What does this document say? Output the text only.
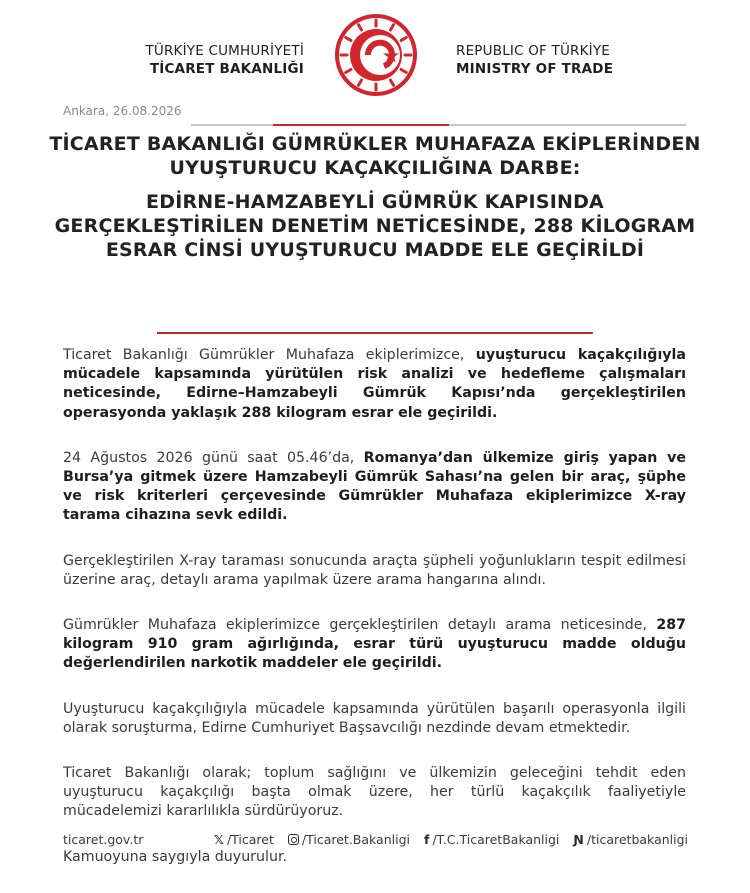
TÜRKİYE CUMHURİYETİ
TİCARET BAKANLIĞI
REPUBLIC OF TÜRKİYE
MINISTRY OF TRADE
Ankara, 26.08.2026
TİCARET BAKANLIĞI GÜMRÜKLER MUHAFAZA EKİPLERİNDEN UYUŞTURUCU KAÇAKÇILIĞINA DARBE:
EDİRNE-HAMZABEYLİ GÜMRÜK KAPISINDA GERÇEKLEŞTİRİLEN DENETİM NETİCESİNDE, 288 KİLOGRAM ESRAR CİNSİ UYUŞTURUCU MADDE ELE GEÇİRİLDİ

Ticaret Bakanlığı Gümrükler Muhafaza ekiplerimizce, uyuşturucu kaçakçılığıyla mücadele kapsamında yürütülen risk analizi ve hedefleme çalışmaları neticesinde, Edirne–Hamzabeyli Gümrük Kapısı’nda gerçekleştirilen operasyonda yaklaşık 288 kilogram esrar ele geçirildi.

24 Ağustos 2026 günü saat 05.46’da, Romanya’dan ülkemize giriş yapan ve Bursa’ya gitmek üzere Hamzabeyli Gümrük Sahası’na gelen bir araç, şüphe ve risk kriterleri çerçevesinde Gümrükler Muhafaza ekiplerimizce X-ray tarama cihazına sevk edildi.

Gerçekleştirilen X-ray taraması sonucunda araçta şüpheli yoğunlukların tespit edilmesi üzerine araç, detaylı arama yapılmak üzere arama hangarına alındı.

Gümrükler Muhafaza ekiplerimizce gerçekleştirilen detaylı arama neticesinde, 287 kilogram 910 gram ağırlığında, esrar türü uyuşturucu madde olduğu değerlendirilen narkotik maddeler ele geçirildi.

Uyuşturucu kaçakçılığıyla mücadele kapsamında yürütülen başarılı operasyonla ilgili olarak soruşturma, Edirne Cumhuriyet Başsavcılığı nezdinde devam etmektedir.

Ticaret Bakanlığı olarak; toplum sağlığını ve ülkemizin geleceğini tehdit eden uyuşturucu kaçakçılığı başta olmak üzere, her türlü kaçakçılık faaliyetiyle mücadelemizi kararlılıkla sürdürüyoruz.

Kamuoyuna saygıyla duyurulur.

ticaret.gov.tr	𝕏 /Ticaret /Ticaret.Bakanligi f /T.C.TicaretBakanligi Ɲ /ticaretbakanligi
